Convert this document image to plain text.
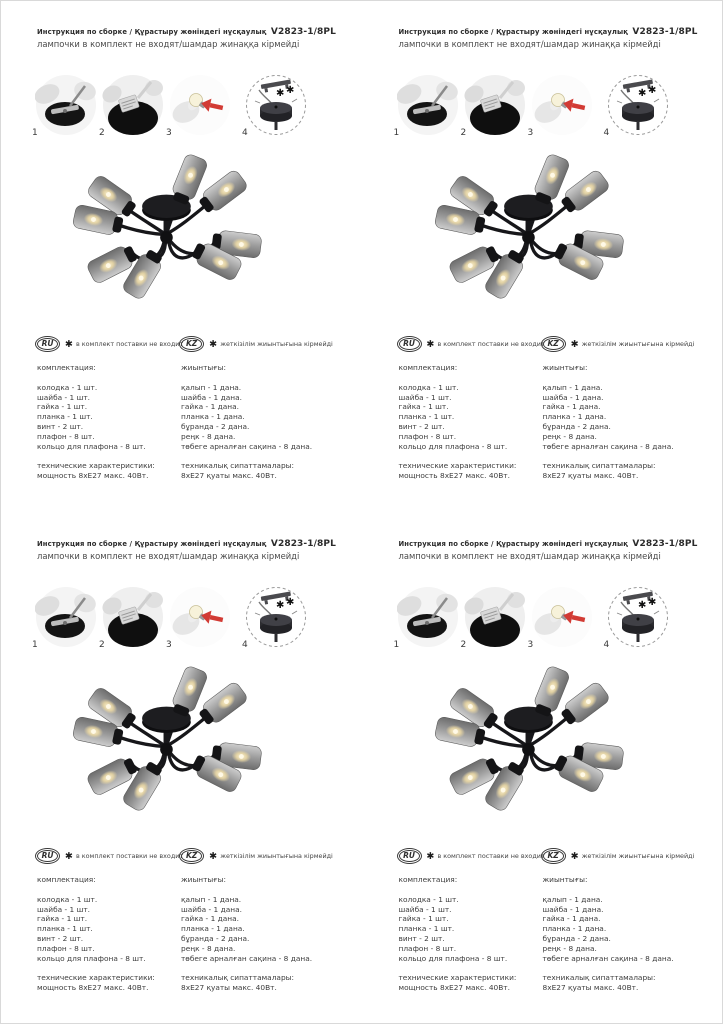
Инструкция по сборке / Құрастыру жөніндегі нұсқаулық V2823-1/8PL
лампочки в комплект не входят/шамдар жинаққа кірмейді
1	2	3
✱ ✱
4
RU	✱ в комплект поставки не входит KZ	✱ жеткізілім жиынтығына кірмейді
комплектация:
колодка - 1 шт.
шайба - 1 шт.
гайка - 1 шт.
планка - 1 шт.
винт - 2 шт.
плафон - 8 шт.
кольцо для плафона - 8 шт.
технические характеристики:
мощность 8хЕ27 макс. 40Вт.
жиынтығы:
қалып - 1 дана.
шайба - 1 дана.
гайка - 1 дана.
планка - 1 дана.
бұранда - 2 дана.
реңк - 8 дана.
төбеге арналған сақина - 8 дана.
техникалық сипаттамалары:
8хЕ27 қуаты макс. 40Вт.
Инструкция по сборке / Құрастыру жөніндегі нұсқаулық V2823-1/8PL
лампочки в комплект не входят/шамдар жинаққа кірмейді
1	2	3
✱ ✱
4
RU	✱ в комплект поставки не входит KZ	✱ жеткізілім жиынтығына кірмейді
комплектация:
колодка - 1 шт.
шайба - 1 шт.
гайка - 1 шт.
планка - 1 шт.
винт - 2 шт.
плафон - 8 шт.
кольцо для плафона - 8 шт.
технические характеристики:
мощность 8хЕ27 макс. 40Вт.
жиынтығы:
қалып - 1 дана.
шайба - 1 дана.
гайка - 1 дана.
планка - 1 дана.
бұранда - 2 дана.
реңк - 8 дана.
төбеге арналған сақина - 8 дана.
техникалық сипаттамалары:
8хЕ27 қуаты макс. 40Вт.
Инструкция по сборке / Құрастыру жөніндегі нұсқаулық V2823-1/8PL
лампочки в комплект не входят/шамдар жинаққа кірмейді
1	2	3
✱ ✱
4
RU	✱ в комплект поставки не входит KZ	✱ жеткізілім жиынтығына кірмейді
комплектация:
колодка - 1 шт.
шайба - 1 шт.
гайка - 1 шт.
планка - 1 шт.
винт - 2 шт.
плафон - 8 шт.
кольцо для плафона - 8 шт.
технические характеристики:
мощность 8хЕ27 макс. 40Вт.
жиынтығы:
қалып - 1 дана.
шайба - 1 дана.
гайка - 1 дана.
планка - 1 дана.
бұранда - 2 дана.
реңк - 8 дана.
төбеге арналған сақина - 8 дана.
техникалық сипаттамалары:
8хЕ27 қуаты макс. 40Вт.
Инструкция по сборке / Құрастыру жөніндегі нұсқаулық V2823-1/8PL
лампочки в комплект не входят/шамдар жинаққа кірмейді
1	2	3
✱ ✱
4
RU	✱ в комплект поставки не входит KZ	✱ жеткізілім жиынтығына кірмейді
комплектация:
колодка - 1 шт.
шайба - 1 шт.
гайка - 1 шт.
планка - 1 шт.
винт - 2 шт.
плафон - 8 шт.
кольцо для плафона - 8 шт.
технические характеристики:
мощность 8хЕ27 макс. 40Вт.
жиынтығы:
қалып - 1 дана.
шайба - 1 дана.
гайка - 1 дана.
планка - 1 дана.
бұранда - 2 дана.
реңк - 8 дана.
төбеге арналған сақина - 8 дана.
техникалық сипаттамалары:
8хЕ27 қуаты макс. 40Вт.
